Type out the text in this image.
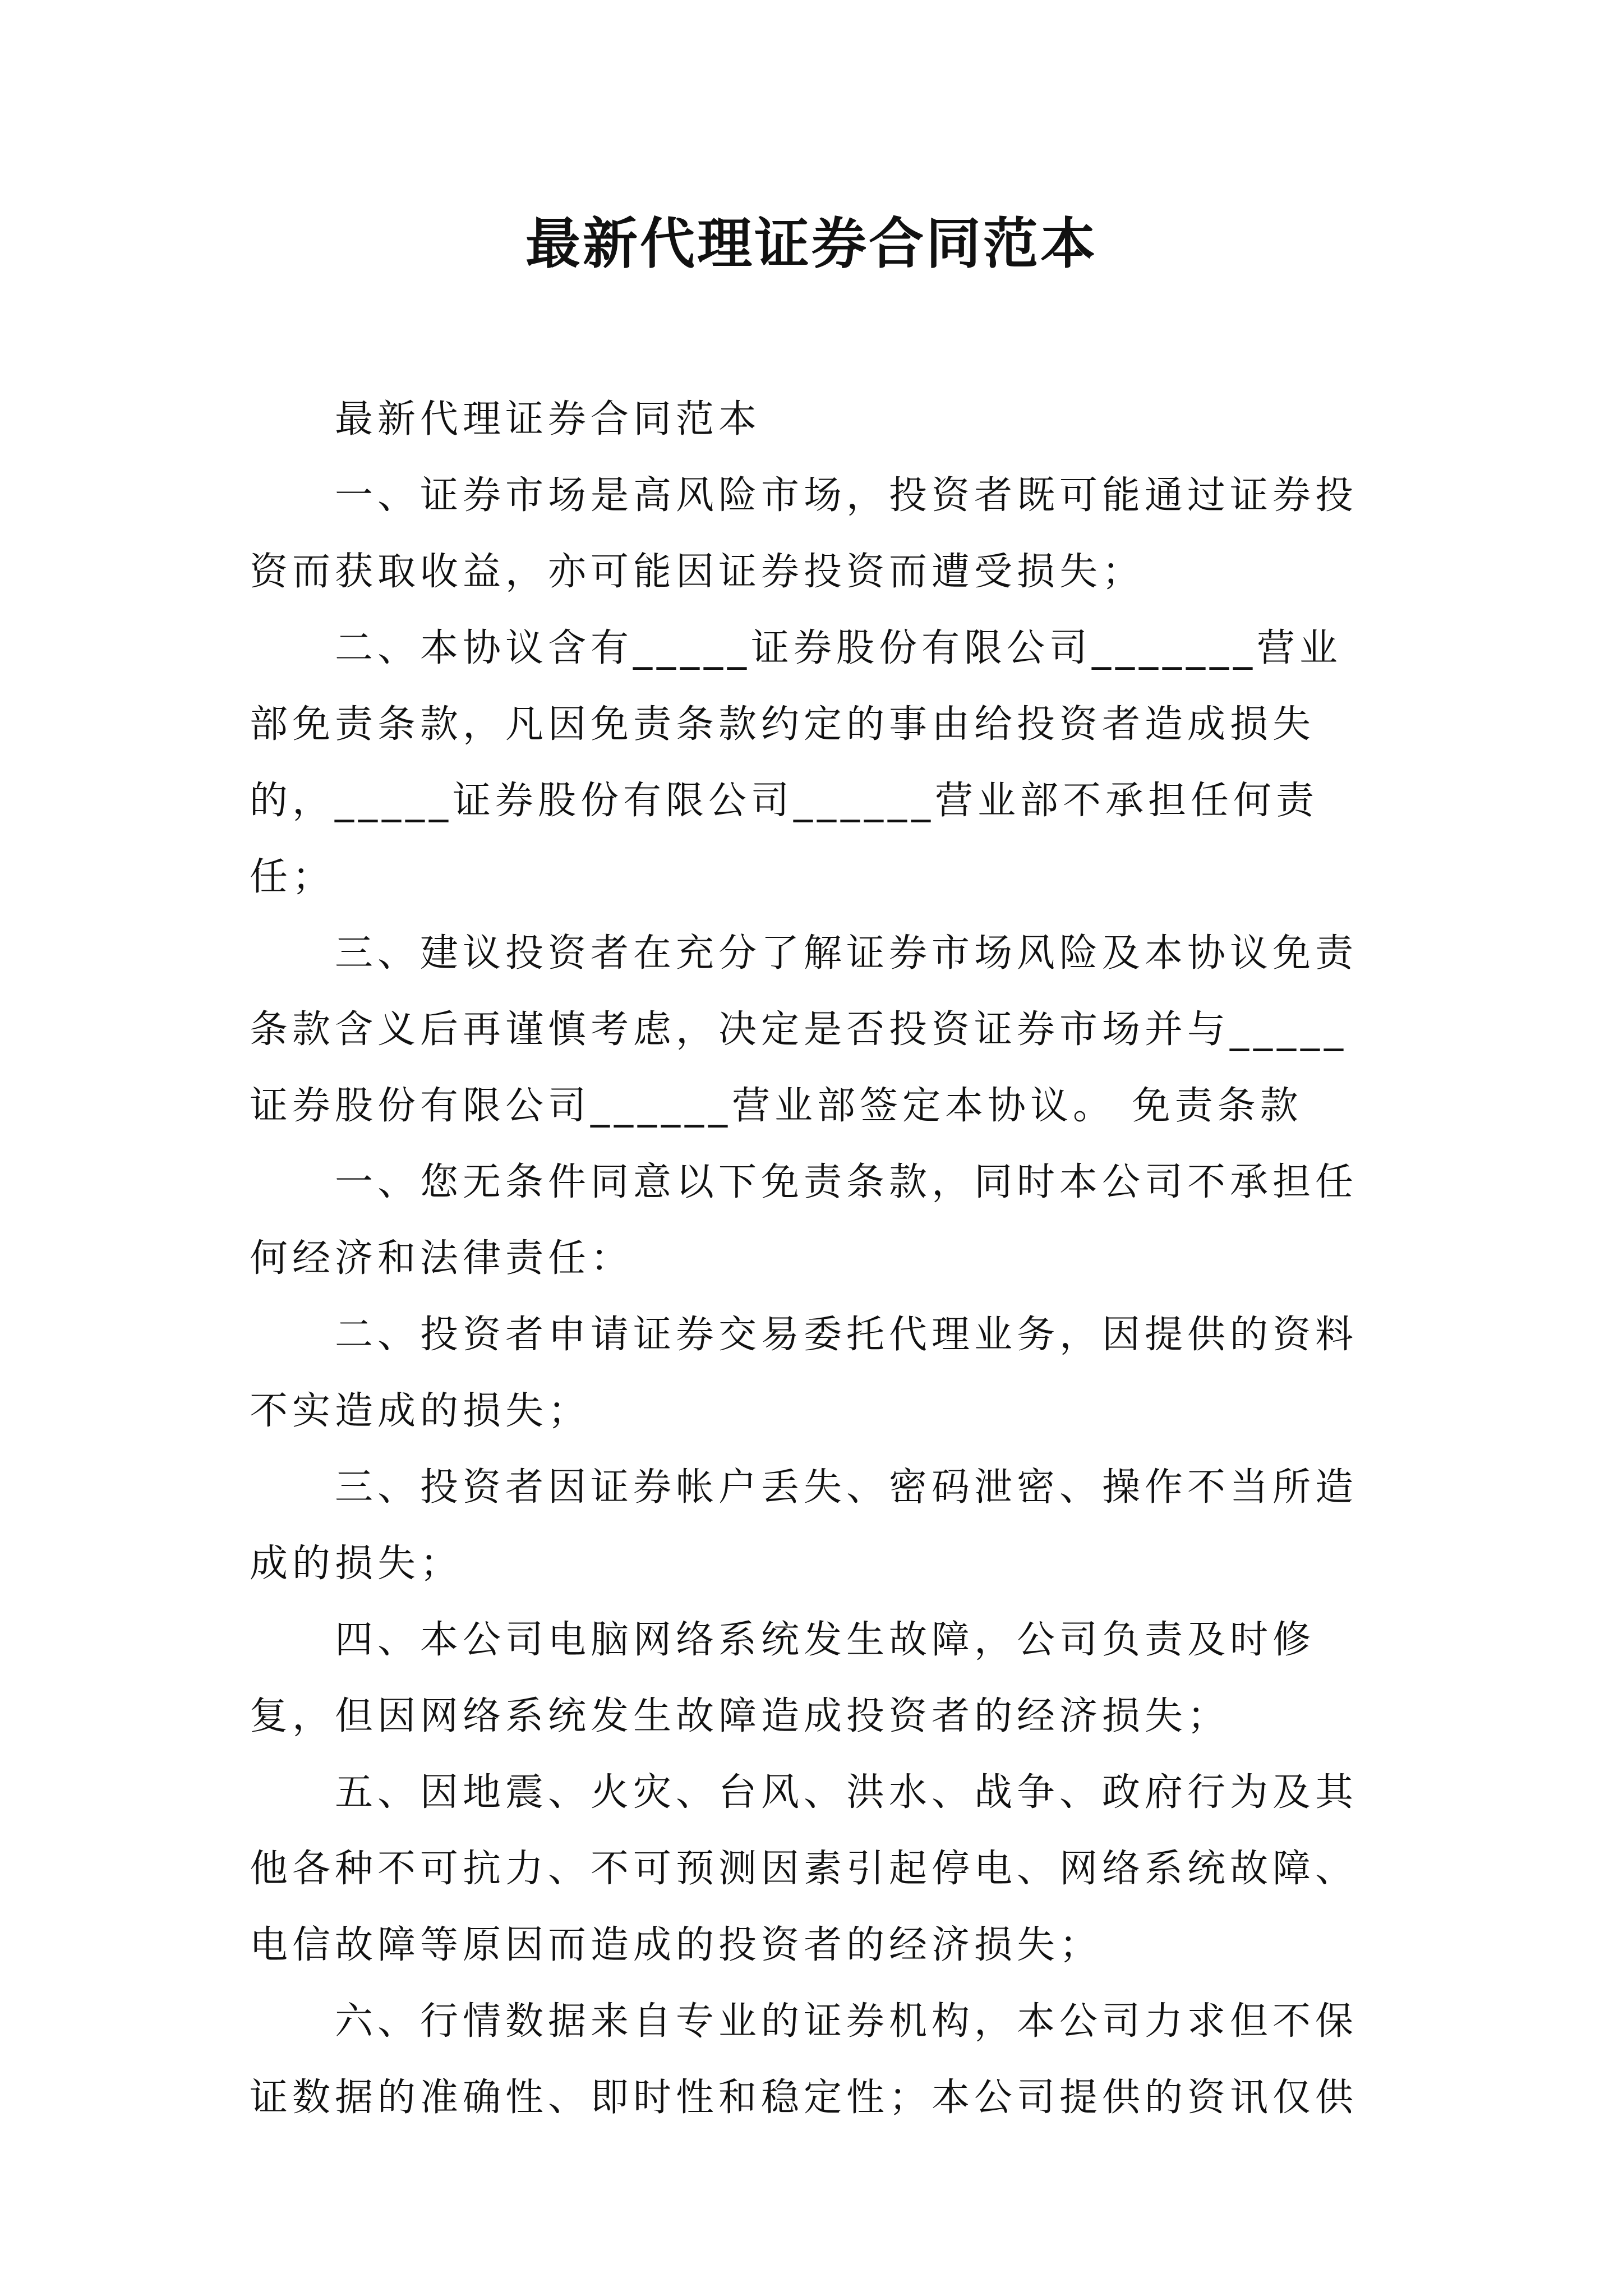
最新代理证券合同范本

最新代理证券合同范本

一、证券市场是高风险市场，投资者既可能通过证券投资而获取收益，亦可能因证券投资而遭受损失；

二、本协议含有_____证券股份有限公司_______营业部免责条款，凡因免责条款约定的事由给投资者造成损失的，_____证券股份有限公司______营业部不承担任何责任；

三、建议投资者在充分了解证券市场风险及本协议免责条款含义后再谨慎考虑，决定是否投资证券市场并与_____证券股份有限公司______营业部签定本协议。 免责条款

一、您无条件同意以下免责条款，同时本公司不承担任何经济和法律责任：

二、投资者申请证券交易委托代理业务，因提供的资料不实造成的损失；

三、投资者因证券帐户丢失、密码泄密、操作不当所造成的损失；

四、本公司电脑网络系统发生故障，公司负责及时修复，但因网络系统发生故障造成投资者的经济损失；

五、因地震、火灾、台风、洪水、战争、政府行为及其他各种不可抗力、不可预测因素引起停电、网络系统故障、电信故障等原因而造成的投资者的经济损失；

六、行情数据来自专业的证券机构，本公司力求但不保证数据的准确性、即时性和稳定性；本公司提供的资讯仅供
